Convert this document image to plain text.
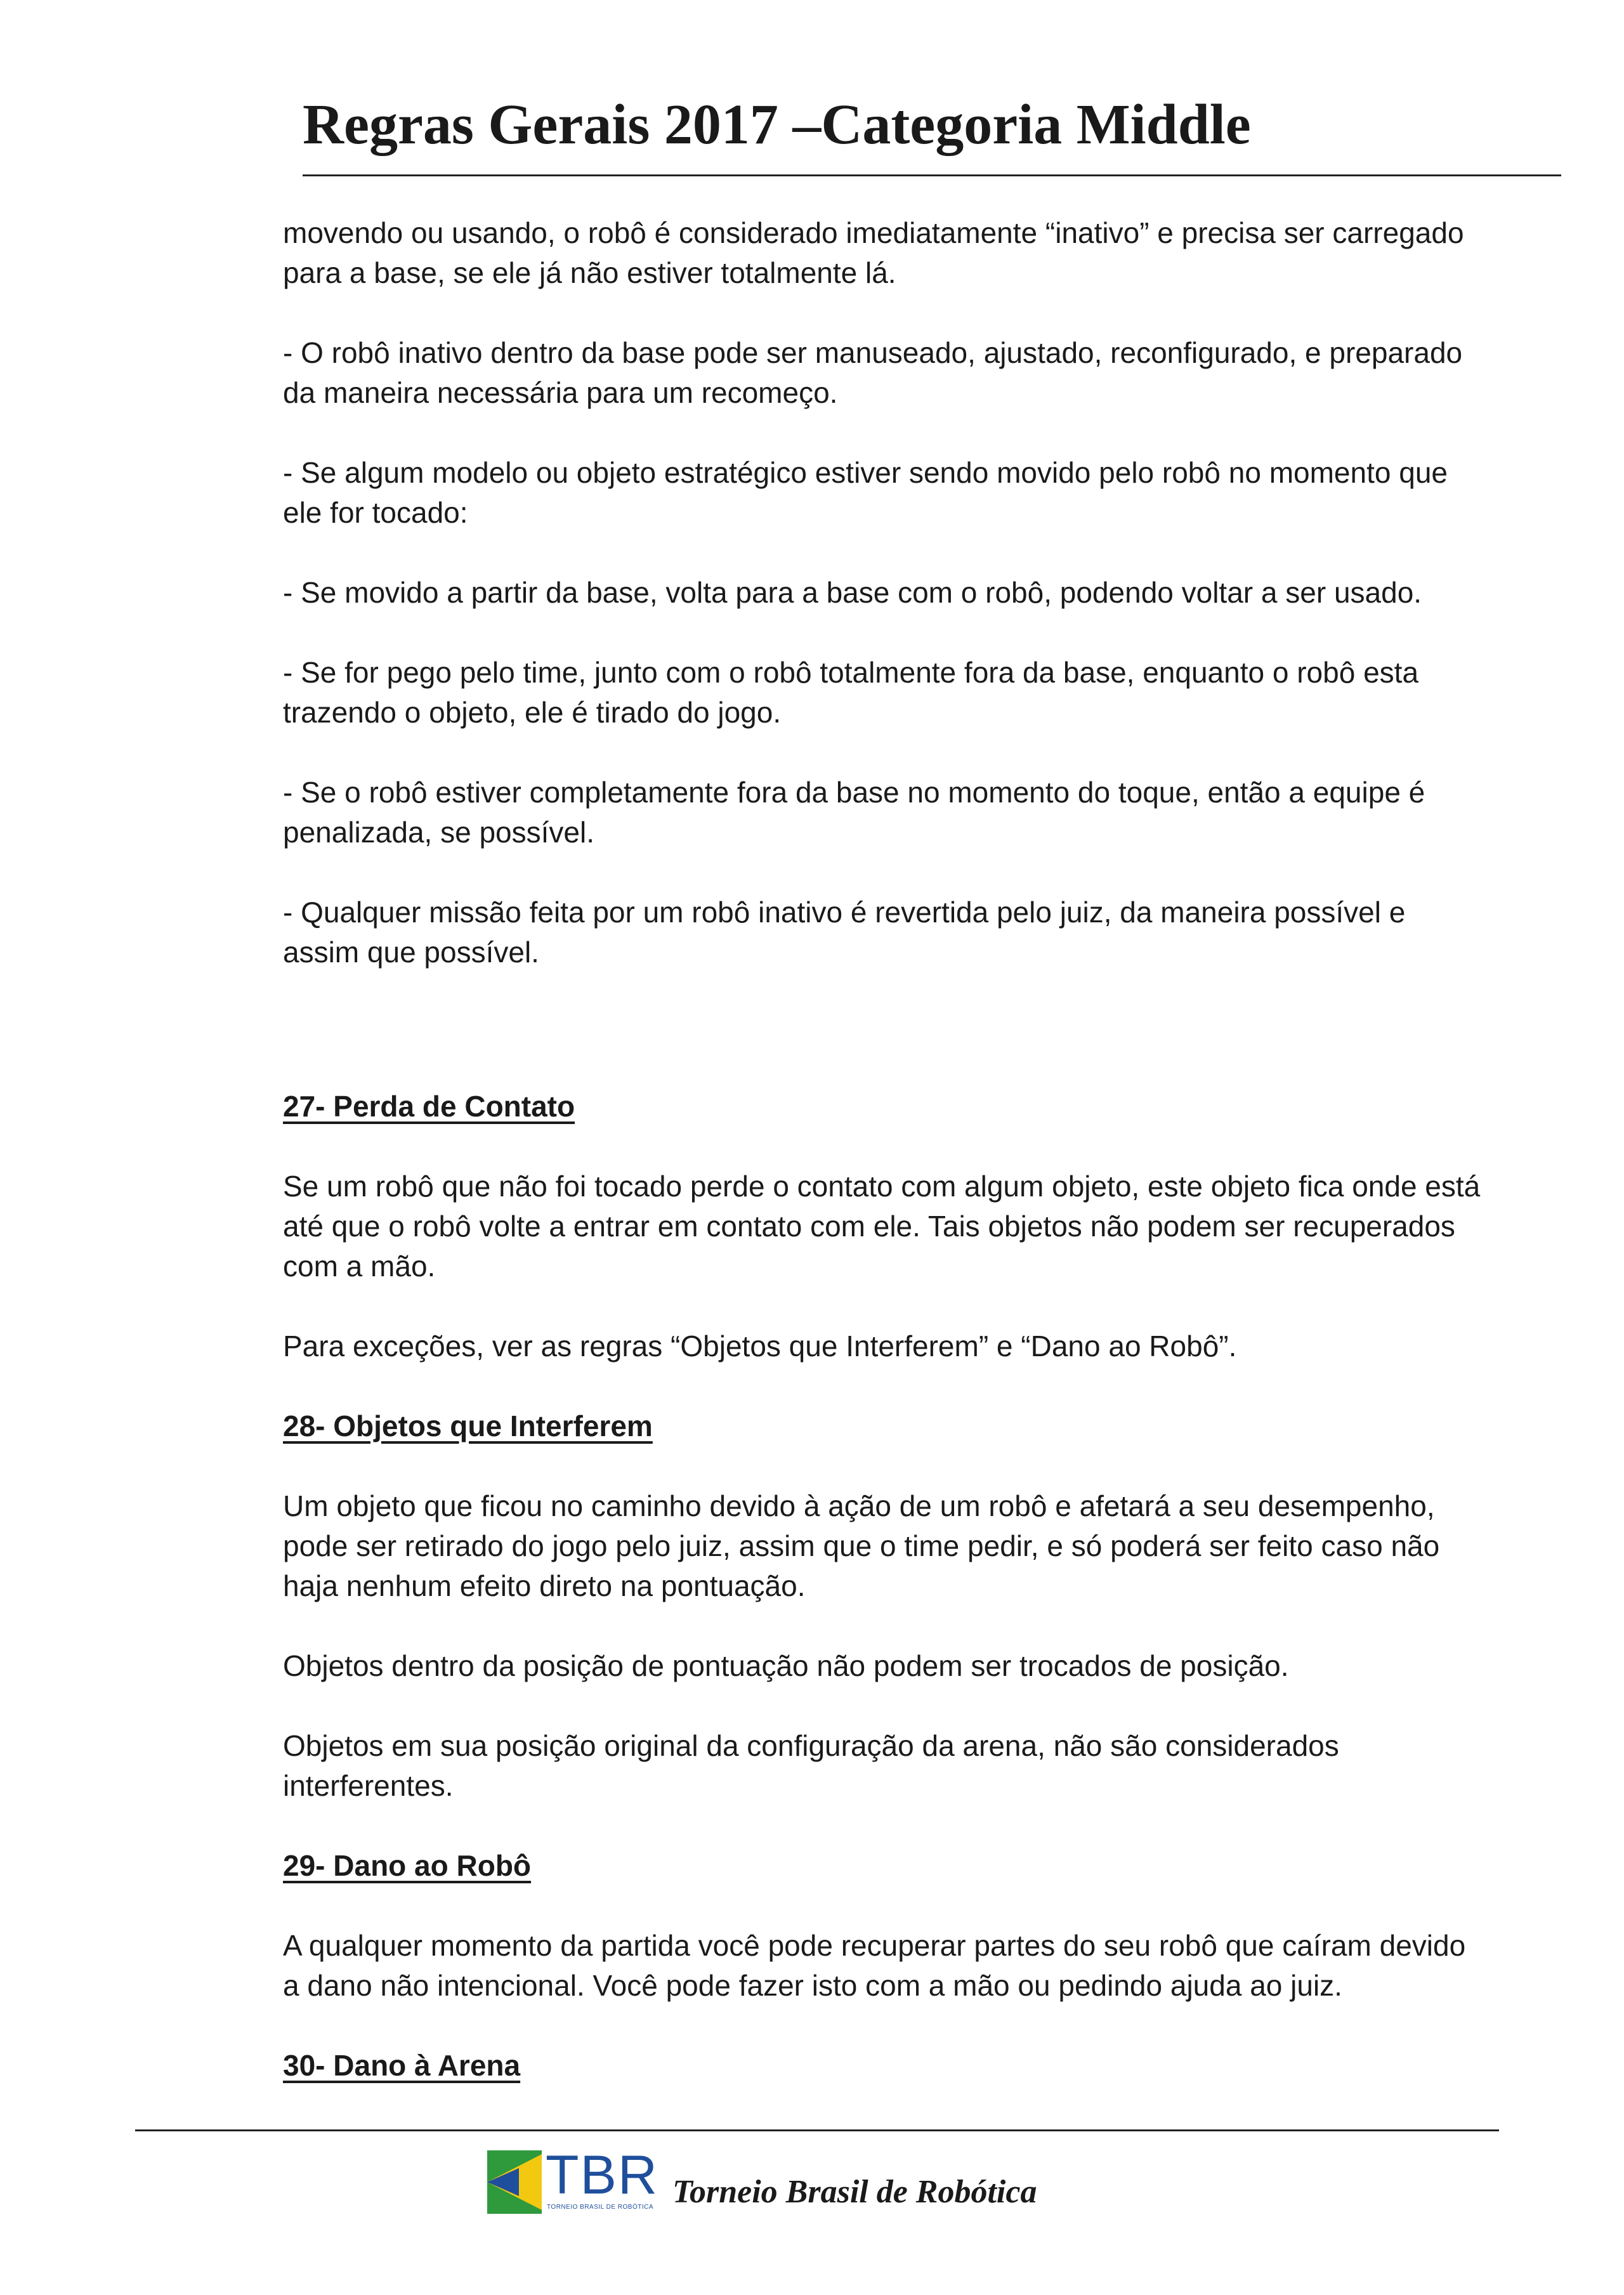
Regras Gerais 2017 –Categoria Middle

movendo ou usando, o robô é considerado imediatamente “inativo” e precisa ser carregado para a base, se ele já não estiver totalmente lá.

- O robô inativo dentro da base pode ser manuseado, ajustado, reconfigurado, e preparado da maneira necessária para um recomeço.

- Se algum modelo ou objeto estratégico estiver sendo movido pelo robô no momento que ele for tocado:

- Se movido a partir da base, volta para a base com o robô, podendo voltar a ser usado.

- Se for pego pelo time, junto com o robô totalmente fora da base, enquanto o robô esta trazendo o objeto, ele é tirado do jogo.

- Se o robô estiver completamente fora da base no momento do toque, então a equipe é penalizada, se possível.

- Qualquer missão feita por um robô inativo é revertida pelo juiz, da maneira possível e assim que possível.

27- Perda de Contato

Se um robô que não foi tocado perde o contato com algum objeto, este objeto fica onde está até que o robô volte a entrar em contato com ele. Tais objetos não podem ser recuperados com a mão.

Para exceções, ver as regras “Objetos que Interferem” e “Dano ao Robô”.

28- Objetos que Interferem

Um objeto que ficou no caminho devido à ação de um robô e afetará a seu desempenho, pode ser retirado do jogo pelo juiz, assim que o time pedir, e só poderá ser feito caso não haja nenhum efeito direto na pontuação.

Objetos dentro da posição de pontuação não podem ser trocados de posição.

Objetos em sua posição original da configuração da arena, não são considerados interferentes.

29- Dano ao Robô

A qualquer momento da partida você pode recuperar partes do seu robô que caíram devido a dano não intencional. Você pode fazer isto com a mão ou pedindo ajuda ao juiz.

30- Dano à Arena

TBR
TORNEIO BRASIL DE ROBÓTICA Torneio Brasil de Robótica
